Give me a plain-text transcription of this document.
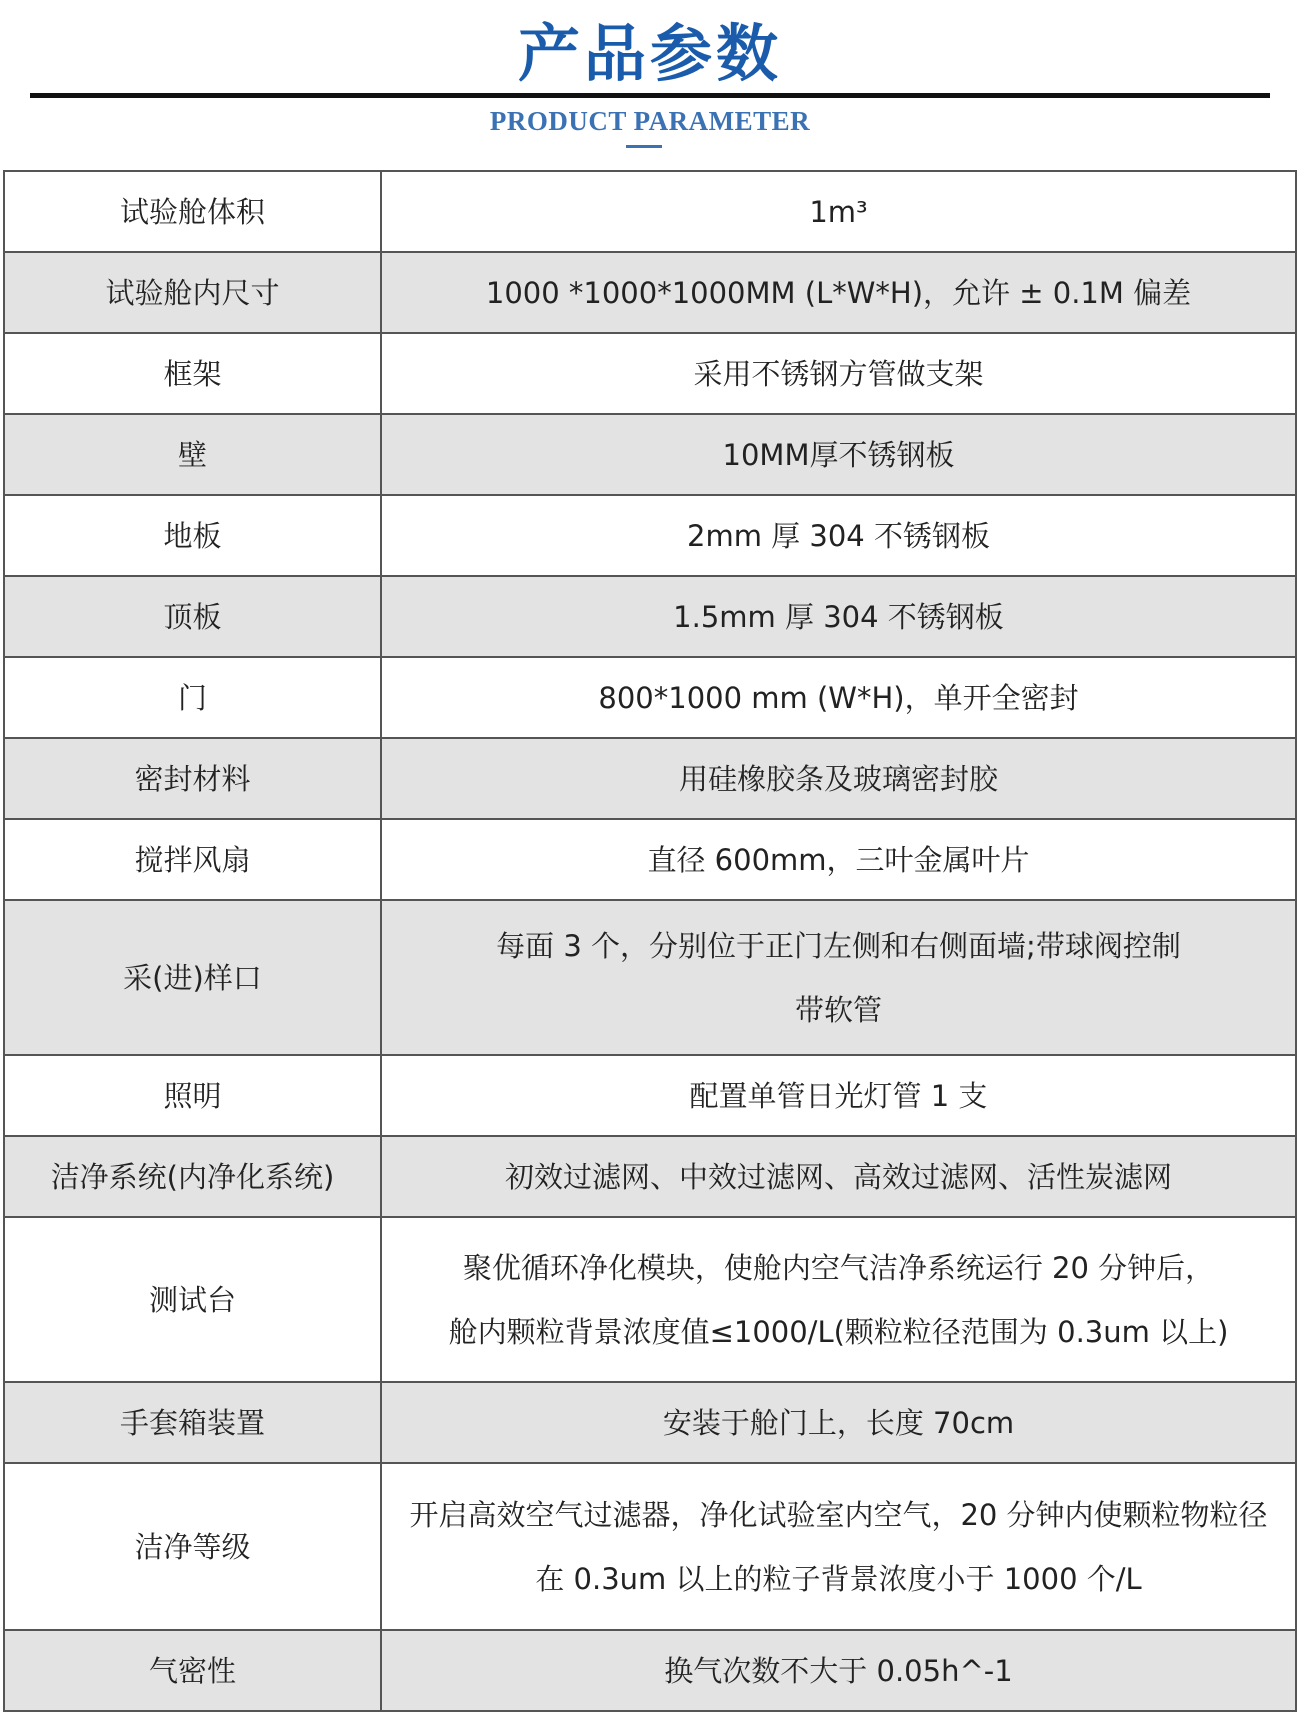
产品参数
PRODUCT PARAMETER
试验舱体积	1m³

试验舱内尺寸	1000 *1000*1000MM (L*W*H)，允许 ± 0.1M 偏差

框架	采用不锈钢方管做支架

壁	10MM厚不锈钢板

地板	2mm 厚 304 不锈钢板

顶板	1.5mm 厚 304 不锈钢板

门	800*1000 mm (W*H)，单开全密封

密封材料	用硅橡胶条及玻璃密封胶

搅拌风扇	直径 600mm，三叶金属叶片

采(进)样口	每面 3 个，分别位于正门左侧和右侧面墙;带球阀控制
带软管

照明	配置单管日光灯管 1 支

洁净系统(内净化系统)	初效过滤网、中效过滤网、高效过滤网、活性炭滤网

测试台	聚优循环净化模块，使舱内空气洁净系统运行 20 分钟后，
舱内颗粒背景浓度值≤1000/L(颗粒粒径范围为 0.3um 以上)

手套箱装置	安装于舱门上，长度 70cm

洁净等级	开启高效空气过滤器，净化试验室内空气，20 分钟内使颗粒物粒径
在 0.3um 以上的粒子背景浓度小于 1000 个/L

气密性	换气次数不大于 0.05h^-1
